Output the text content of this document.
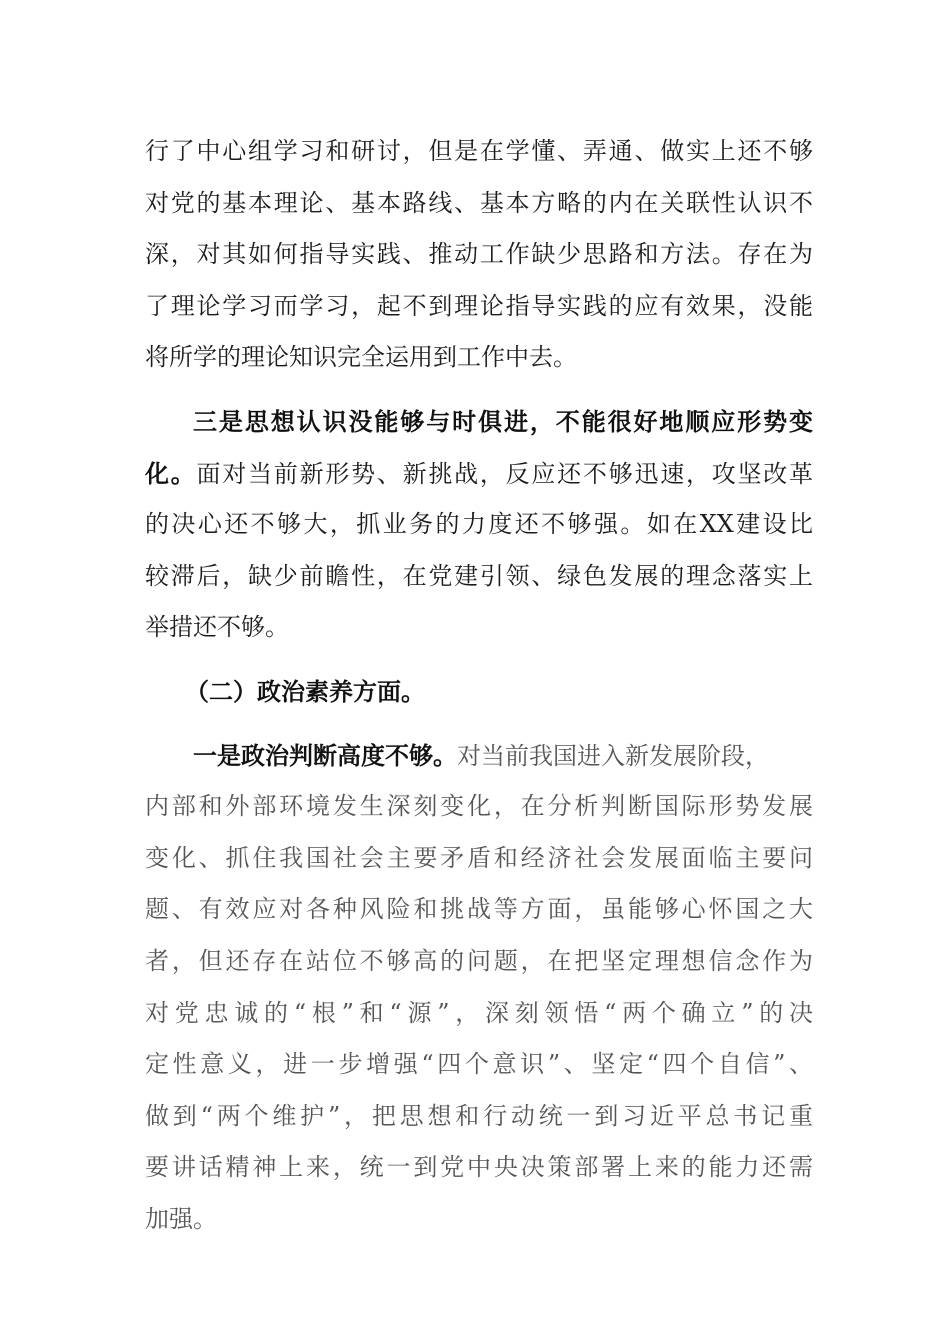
行了中心组学习和研讨，但是在学懂、弄通、做实上还不够
对党的基本理论、基本路线、基本方略的内在关联性认识不
深，对其如何指导实践、推动工作缺少思路和方法。存在为
了理论学习而学习，起不到理论指导实践的应有效果，没能
将所学的理论知识完全运用到工作中去。
三是思想认识没能够与时俱进，不能很好地顺应形势变
化。面对当前新形势、新挑战，反应还不够迅速，攻坚改革
的决心还不够大，抓业务的力度还不够强。如在XX建设比
较滞后，缺少前瞻性，在党建引领、绿色发展的理念落实上
举措还不够。
（二）政治素养方面。
一是政治判断高度不够。对当前我国进入新发展阶段，
内部和外部环境发生深刻变化，在分析判断国际形势发展
变化、抓住我国社会主要矛盾和经济社会发展面临主要问
题、有效应对各种风险和挑战等方面，虽能够心怀国之大
者，但还存在站位不够高的问题，在把坚定理想信念作为
对党忠诚的“根”和“源”，深刻领悟“两个确立”的决
定性意义，进一步增强“四个意识”、坚定“四个自信”、
做到“两个维护”，把思想和行动统一到习近平总书记重
要讲话精神上来，统一到党中央决策部署上来的能力还需
加强。
